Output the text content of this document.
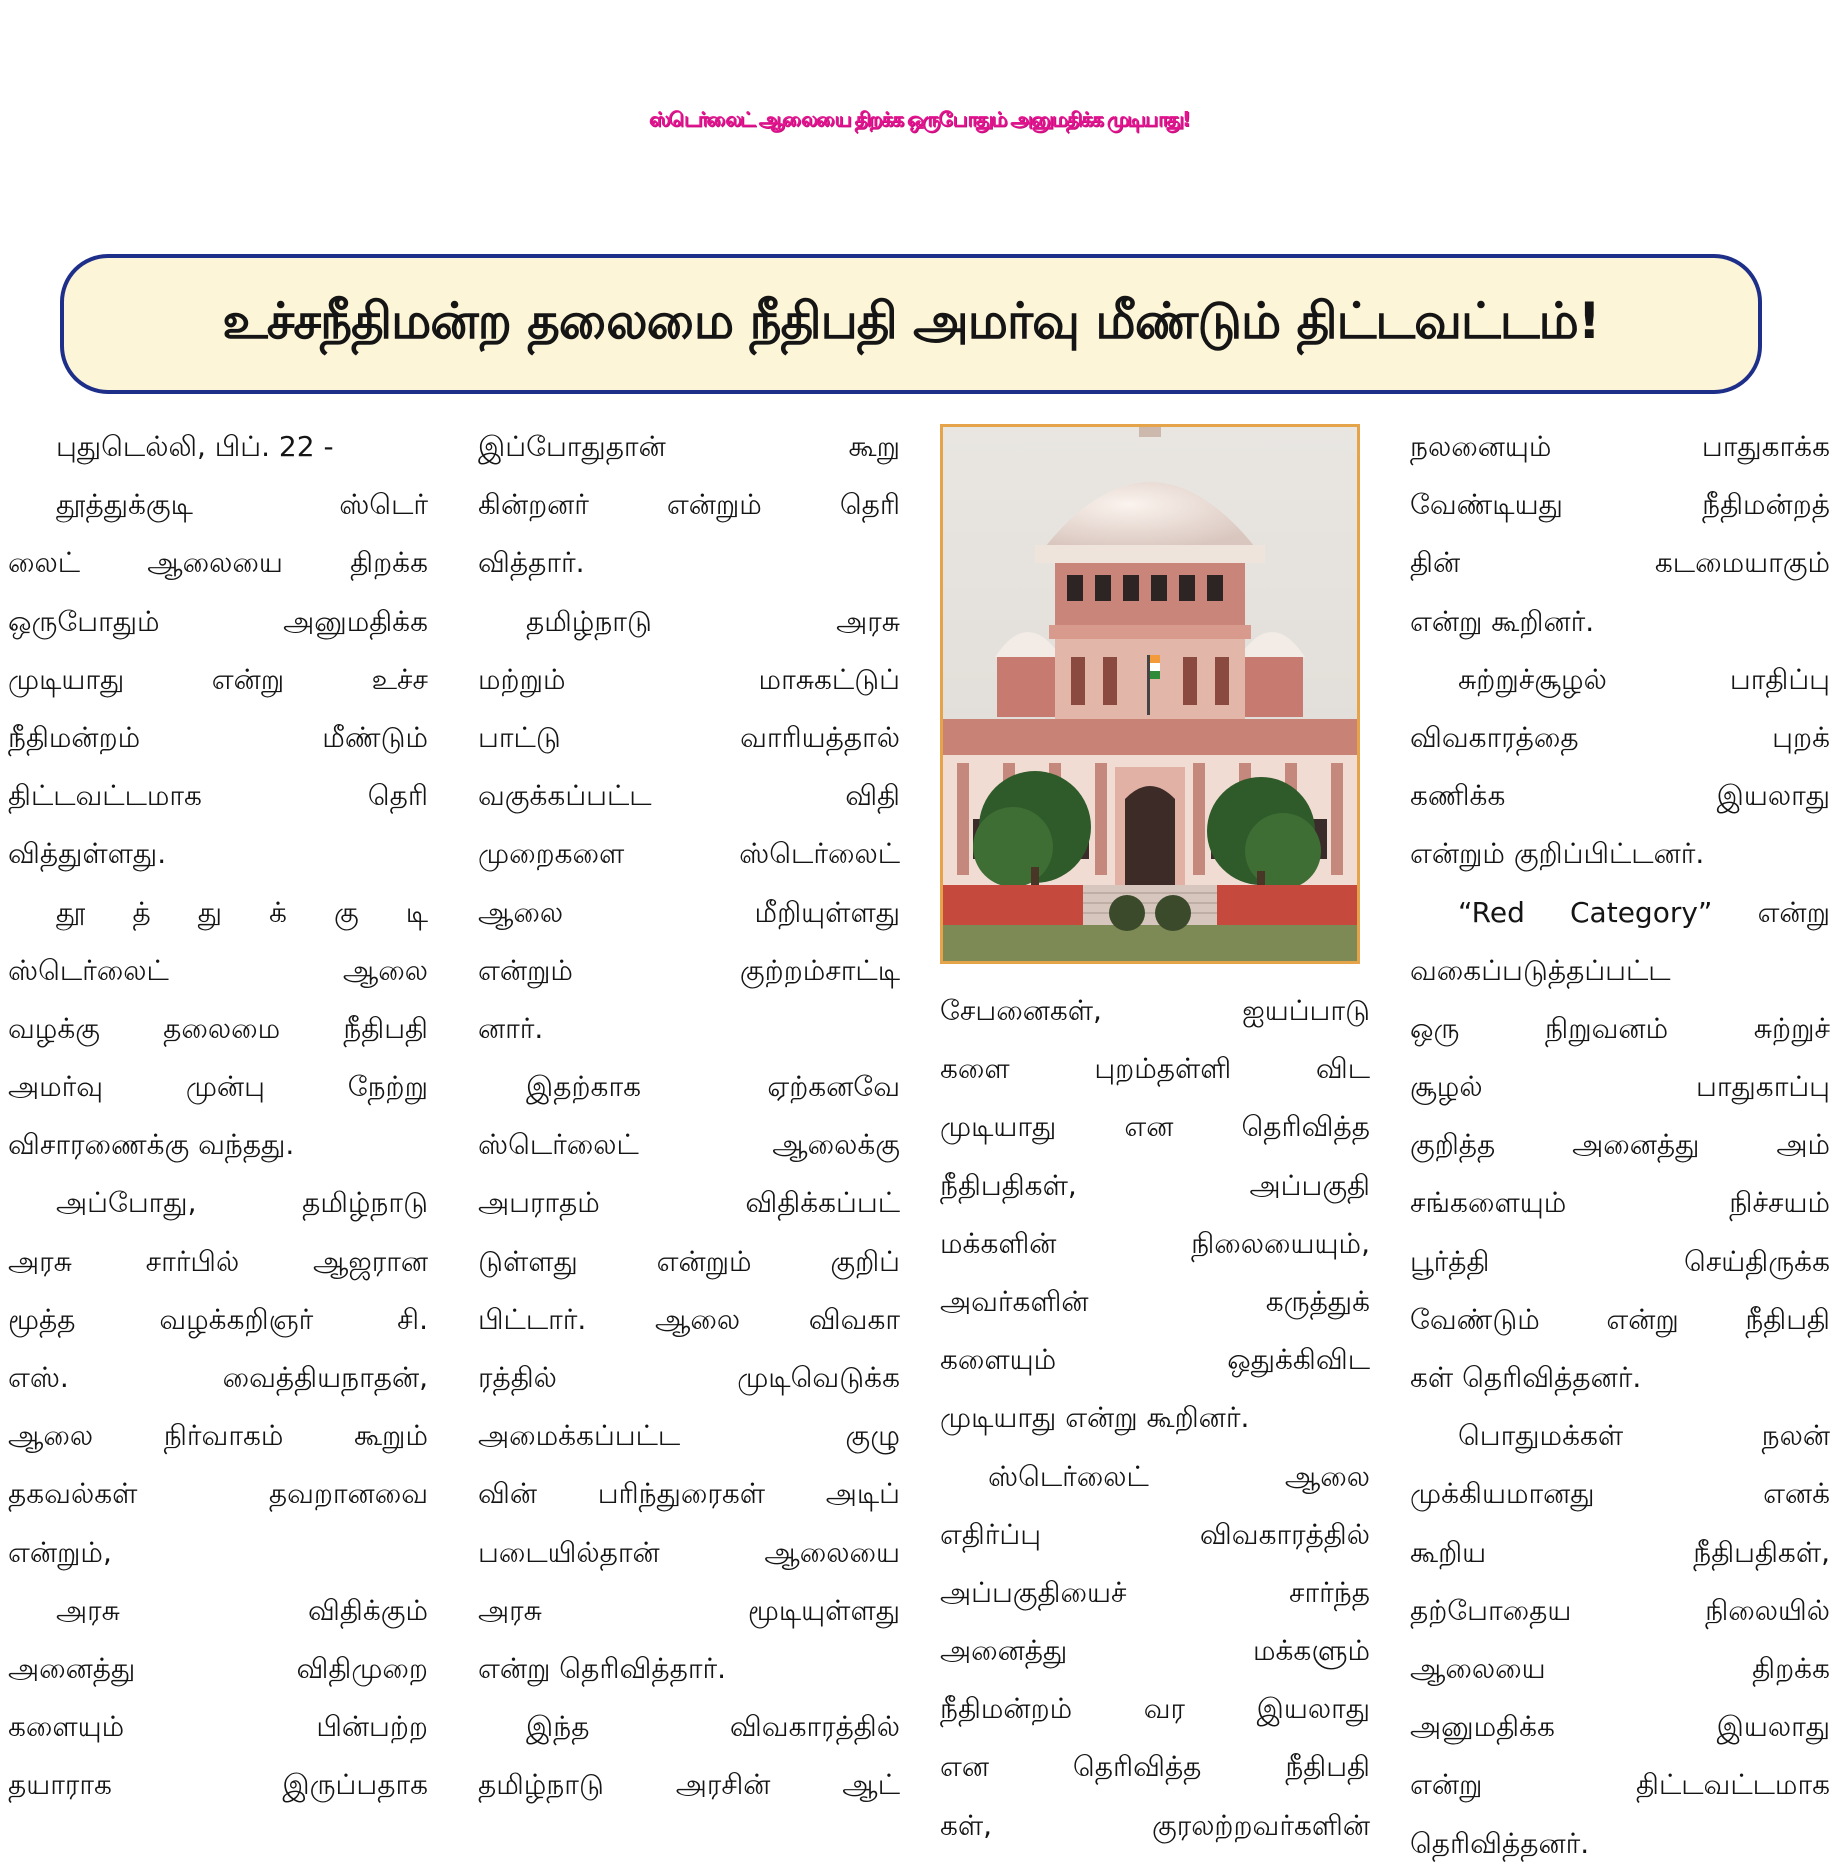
ஸ்டெர்லைட் ஆலையை திறக்க ஒருபோதும் அனுமதிக்க முடியாது!
உச்சநீதிமன்ற தலைமை நீதிபதி அமர்வு மீண்டும் திட்டவட்டம்!
புதுடெல்லி, பிப். 22 -
தூத்துக்குடி ஸ்டெர்
லைட் ஆலையை திறக்க
ஒருபோதும் அனுமதிக்க
முடியாது என்று உச்ச
நீதிமன்றம் மீண்டும்
திட்டவட்டமாக தெரி
வித்துள்ளது.
தூ த் து க் கு டி
ஸ்டெர்லைட் ஆலை
வழக்கு தலைமை நீதிபதி
அமர்வு முன்பு நேற்று
விசாரணைக்கு வந்தது.
அப்போது, தமிழ்நாடு
அரசு சார்பில் ஆஜரான
மூத்த வழக்கறிஞர் சி.
எஸ். வைத்தியநாதன்,
ஆலை நிர்வாகம் கூறும்
தகவல்கள் தவறானவை
என்றும்,
அரசு விதிக்கும்
அனைத்து விதிமுறை
களையும் பின்பற்ற
தயாராக இருப்பதாக
இப்போதுதான் கூறு
கின்றனர் என்றும் தெரி
வித்தார்.
தமிழ்நாடு அரசு
மற்றும் மாசுகட்டுப்
பாட்டு வாரியத்தால்
வகுக்கப்பட்ட விதி
முறைகளை ஸ்டெர்லைட்
ஆலை மீறியுள்ளது
என்றும் குற்றம்சாட்டி
னார்.
இதற்காக ஏற்கனவே
ஸ்டெர்லைட் ஆலைக்கு
அபராதம் விதிக்கப்பட்
டுள்ளது என்றும் குறிப்
பிட்டார். ஆலை விவகா
ரத்தில் முடிவெடுக்க
அமைக்கப்பட்ட குழு
வின் பரிந்துரைகள் அடிப்
படையில்தான் ஆலையை
அரசு மூடியுள்ளது
என்று தெரிவித்தார்.
இந்த விவகாரத்தில்
தமிழ்நாடு அரசின் ஆட்
சேபனைகள், ஐயப்பாடு
களை புறம்தள்ளி விட
முடியாது என தெரிவித்த
நீதிபதிகள், அப்பகுதி
மக்களின் நிலையையும்,
அவர்களின் கருத்துக்
களையும் ஒதுக்கிவிட
முடியாது என்று கூறினர்.
ஸ்டெர்லைட் ஆலை
எதிர்ப்பு விவகாரத்தில்
அப்பகுதியைச் சார்ந்த
அனைத்து மக்களும்
நீதிமன்றம் வர இயலாது
என தெரிவித்த நீதிபதி
கள், குரலற்றவர்களின்
நலனையும் பாதுகாக்க
வேண்டியது நீதிமன்றத்
தின் கடமையாகும்
என்று கூறினர்.
சுற்றுச்சூழல் பாதிப்பு
விவகாரத்தை புறக்
கணிக்க இயலாது
என்றும் குறிப்பிட்டனர்.
“Red Category” என்று
வகைப்படுத்தப்பட்ட
ஒரு நிறுவனம் சுற்றுச்
சூழல் பாதுகாப்பு
குறித்த அனைத்து அம்
சங்களையும் நிச்சயம்
பூர்த்தி செய்திருக்க
வேண்டும் என்று நீதிபதி
கள் தெரிவித்தனர்.
பொதுமக்கள் நலன்
முக்கியமானது எனக்
கூறிய நீதிபதிகள்,
தற்போதைய நிலையில்
ஆலையை திறக்க
அனுமதிக்க இயலாது
என்று திட்டவட்டமாக
தெரிவித்தனர்.
